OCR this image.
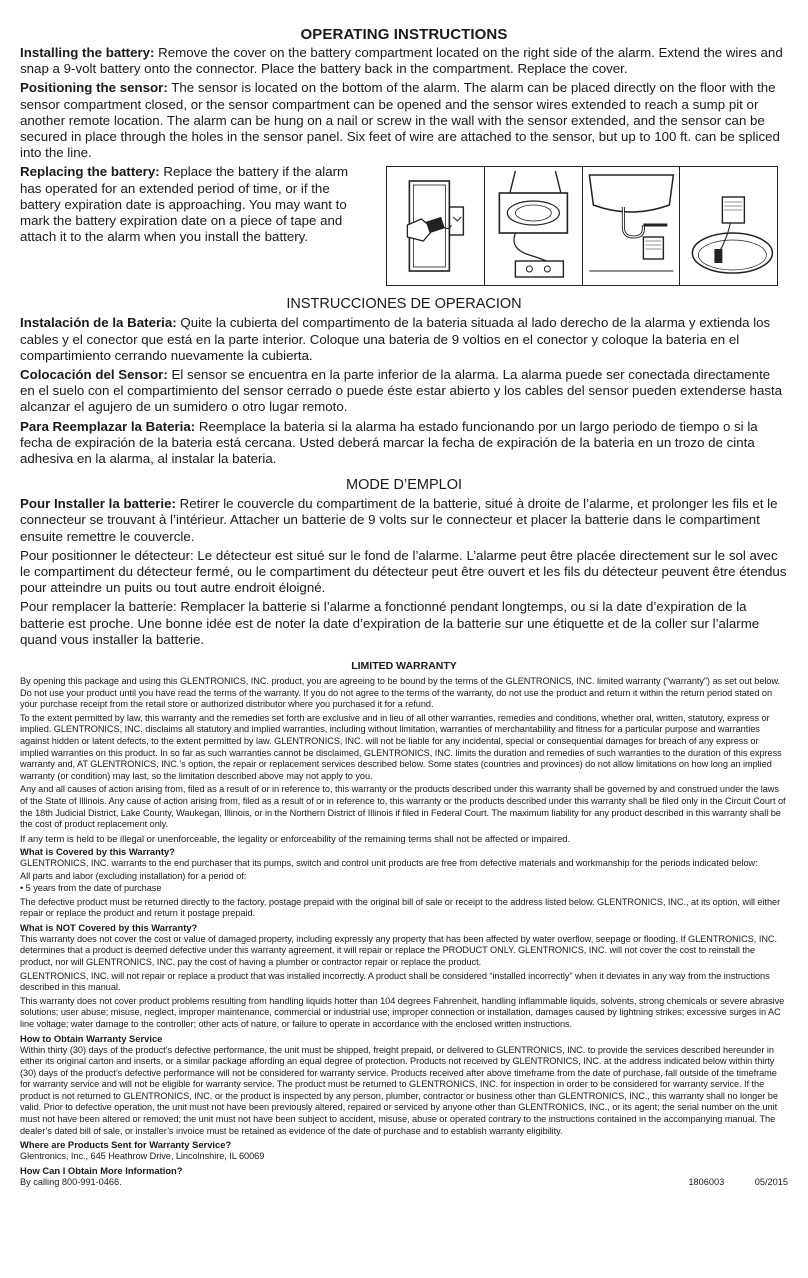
OPERATING INSTRUCTIONS
Installing the battery: Remove the cover on the battery compartment located on the right side of the alarm. Extend the wires and snap a 9-volt battery onto the connector. Place the battery back in the compartment. Replace the cover.
Positioning the sensor: The sensor is located on the bottom of the alarm. The alarm can be placed directly on the floor with the sensor compartment closed, or the sensor compartment can be opened and the sensor wires extended to reach a sump pit or another remote location. The alarm can be hung on a nail or screw in the wall with the sensor extended, and the sensor can be secured in place through the holes in the sensor panel. Six feet of wire are attached to the sensor, but up to 100 ft. can be spliced into the line.
Replacing the battery: Replace the battery if the alarm has operated for an extended period of time, or if the battery expiration date is approaching. You may want to mark the battery expiration date on a piece of tape and attach it to the alarm when you install the battery.
INSTRUCCIONES DE OPERACION
Instalación de la Bateria: Quite la cubierta del compartimento de la bateria situada al lado derecho de la alarma y extienda los cables y el conector que está en la parte interior. Coloque una bateria de 9 voltios en el conector y coloque la bateria en el compartimiento cerrando nuevamente la cubierta.
Colocación del Sensor: El sensor se encuentra en la parte inferior de la alarma. La alarma puede ser conectada directamente en el suelo con el compartimiento del sensor cerrado o puede éste estar abierto y los cables del sensor pueden extenderse hasta alcanzar el agujero de un sumidero o otro lugar remoto.
Para Reemplazar la Bateria: Reemplace la bateria si la alarma ha estado funcionando por un largo periodo de tiempo o si la fecha de expiración de la bateria está cercana. Usted deberá marcar la fecha de expiración de la bateria en un trozo de cinta adhesiva en la alarma, al instalar la bateria.
MODE D’EMPLOI
Pour Installer la batterie: Retirer le couvercle du compartiment de la batterie, situé à droite de l’alarme, et prolonger les fils et le connecteur se trouvant à l’intérieur. Attacher un batterie de 9 volts sur le connecteur et placer la batterie dans le compartiment ensuite remettre le couvercle.
Pour positionner le détecteur: Le détecteur est situé sur le fond de l’alarme. L’alarme peut être placée directement sur le sol avec le compartiment du détecteur fermé, ou le compartiment du détecteur peut être ouvert et les fils du détecteur peuvent être étendus pour atteindre un puits ou tout autre endroit éloigné.
Pour remplacer la batterie: Remplacer la batterie si l’alarme a fonctionné pendant longtemps, ou si la date d’expiration de la batterie est proche. Une bonne idée est de noter la date d’expiration de la batterie sur une étiquette et de la coller sur l’alarme quand vous installer la batterie.
LIMITED WARRANTY
By opening this package and using this GLENTRONICS, INC. product, you are agreeing to be bound by the terms of the GLENTRONICS, INC. limited warranty (“warranty”) as set out below. Do not use your product until you have read the terms of the warranty. If you do not agree to the terms of the warranty, do not use the product and return it within the return period stated on your purchase receipt from the retail store or authorized distributor where you purchased it for a refund.
To the extent permitted by law, this warranty and the remedies set forth are exclusive and in lieu of all other warranties, remedies and conditions, whether oral, written, statutory, express or implied. GLENTRONICS, INC. disclaims all statutory and implied warranties, including without limitation, warranties of merchantability and fitness for a particular purpose and warranties against hidden or latent defects, to the extent permitted by law. GLENTRONICS, INC. will not be liable for any incidental, special or consequential damages for breach of any express or implied warranties on this product. In so far as such warranties cannot be disclaimed, GLENTRONICS, INC. limits the duration and remedies of such warranties to the duration of this express warranty and, AT GLENTRONICS, INC.’s option, the repair or replacement services described below. Some states (countries and provinces) do not allow limitations on how long an implied warranty (or condition) may last, so the limitation described above may not apply to you.
Any and all causes of action arising from, filed as a result of or in reference to, this warranty or the products described under this warranty shall be governed by and construed under the laws of the State of Illinois. Any cause of action arising from, filed as a result of or in reference to, this warranty or the products described under this warranty shall be filed only in the Circuit Court of the 18th Judicial District, Lake County, Waukegan, Illinois, or in the Northern District of Illinois if filed in Federal Court. The maximum liability for any product described in this warranty shall be the cost of product replacement only.
If any term is held to be illegal or unenforceable, the legality or enforceability of the remaining terms shall not be affected or impaired.
What is Covered by this Warranty?
GLENTRONICS, INC. warrants to the end purchaser that its pumps, switch and control unit products are free from defective materials and workmanship for the periods indicated below:
All parts and labor (excluding installation) for a period of:
• 5 years from the date of purchase
The defective product must be returned directly to the factory, postage prepaid with the original bill of sale or receipt to the address listed below. GLENTRONICS, INC., at its option, will either repair or replace the product and return it postage prepaid.
What is NOT Covered by this Warranty?
This warranty does not cover the cost or value of damaged property, including expressly any property that has been affected by water overflow, seepage or flooding. If GLENTRONICS, INC. determines that a product is deemed defective under this warranty agreement, it will repair or replace the PRODUCT ONLY. GLENTRONICS, INC. will not cover the cost to reinstall the product, nor will GLENTRONICS, INC. pay the cost of having a plumber or contractor repair or replace the product.
GLENTRONICS, INC. will not repair or replace a product that was installed incorrectly. A product shall be considered “installed incorrectly” when it deviates in any way from the instructions described in this manual.
This warranty does not cover product problems resulting from handling liquids hotter than 104 degrees Fahrenheit, handling inflammable liquids, solvents, strong chemicals or severe abrasive solutions; user abuse; misuse, neglect, improper maintenance, commercial or industrial use; improper connection or installation, damages caused by lightning strikes; excessive surges in AC line voltage; water damage to the controller; other acts of nature, or failure to operate in accordance with the enclosed written instructions.
How to Obtain Warranty Service
Within thirty (30) days of the product’s defective performance, the unit must be shipped, freight prepaid, or delivered to GLENTRONICS, INC. to provide the services described hereunder in either its original carton and inserts, or a similar package affording an equal degree of protection. Products not received by GLENTRONICS, INC. at the address indicated below within thirty (30) days of the product’s defective performance will not be considered for warranty service. Products received after above timeframe from the date of purchase, fall outside of the timeframe for warranty service and will not be eligible for warranty service. The product must be returned to GLENTRONICS, INC. for inspection in order to be considered for warranty service. If the product is not returned to GLENTRONICS, INC. or the product is inspected by any person, plumber, contractor or business other than GLENTRONICS, INC., this warranty shall no longer be valid. Prior to defective operation, the unit must not have been previously altered, repaired or serviced by anyone other than GLENTRONICS, INC., or its agent; the serial number on the unit must not have been altered or removed; the unit must not have been subject to accident, misuse, abuse or operated contrary to the instructions contained in the accompanying manual. The dealer’s dated bill of sale, or installer’s invoice must be retained as evidence of the date of purchase and to establish warranty eligibility.
Where are Products Sent for Warranty Service?
Glentronics, Inc., 645 Heathrow Drive, Lincolnshire, IL 60069
How Can I Obtain More Information?
By calling 800-991-0466.	1806003	05/2015
